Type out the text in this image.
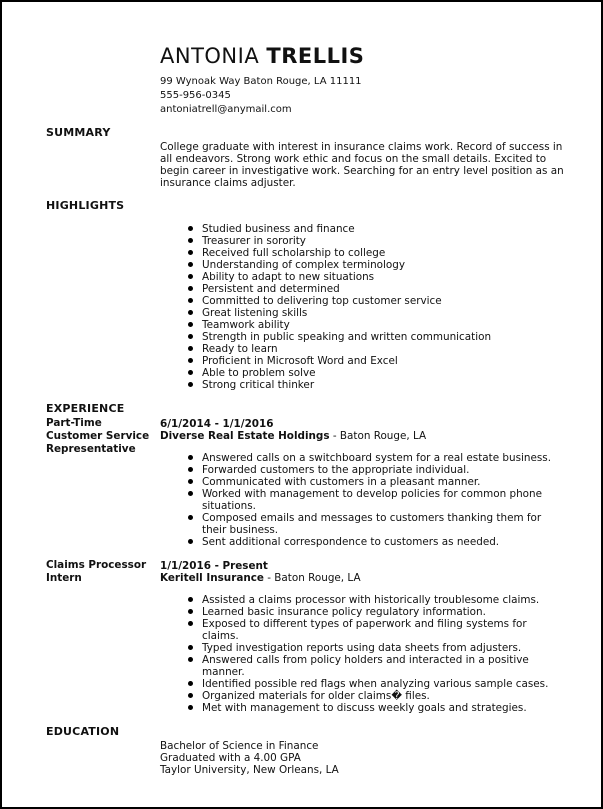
ANTONIA TRELLIS
99 Wynoak Way Baton Rouge, LA 11111
555-956-0345
antoniatrell@anymail.com
SUMMARY
College graduate with interest in insurance claims work. Record of success in all endeavors. Strong work ethic and focus on the small details. Excited to begin career in investigative work. Searching for an entry level position as an insurance claims adjuster.
HIGHLIGHTS
Studied business and finance
Treasurer in sorority
Received full scholarship to college
Understanding of complex terminology
Ability to adapt to new situations
Persistent and determined
Committed to delivering top customer service
Great listening skills
Teamwork ability
Strength in public speaking and written communication
Ready to learn
Proficient in Microsoft Word and Excel
Able to problem solve
Strong critical thinker
EXPERIENCE
Part-Time Customer Service Representative
6/1/2014 - 1/1/2016
Diverse Real Estate Holdings - Baton Rouge, LA
Answered calls on a switchboard system for a real estate business.
Forwarded customers to the appropriate individual.
Communicated with customers in a pleasant manner.
Worked with management to develop policies for common phone situations.
Composed emails and messages to customers thanking them for their business.
Sent additional correspondence to customers as needed.
Claims Processor Intern
1/1/2016 - Present
Keritell Insurance - Baton Rouge, LA
Assisted a claims processor with historically troublesome claims.
Learned basic insurance policy regulatory information.
Exposed to different types of paperwork and filing systems for claims.
Typed investigation reports using data sheets from adjusters.
Answered calls from policy holders and interacted in a positive manner.
Identified possible red flags when analyzing various sample cases.
Organized materials for older claims� files.
Met with management to discuss weekly goals and strategies.
EDUCATION
Bachelor of Science in Finance
Graduated with a 4.00 GPA
Taylor University, New Orleans, LA
